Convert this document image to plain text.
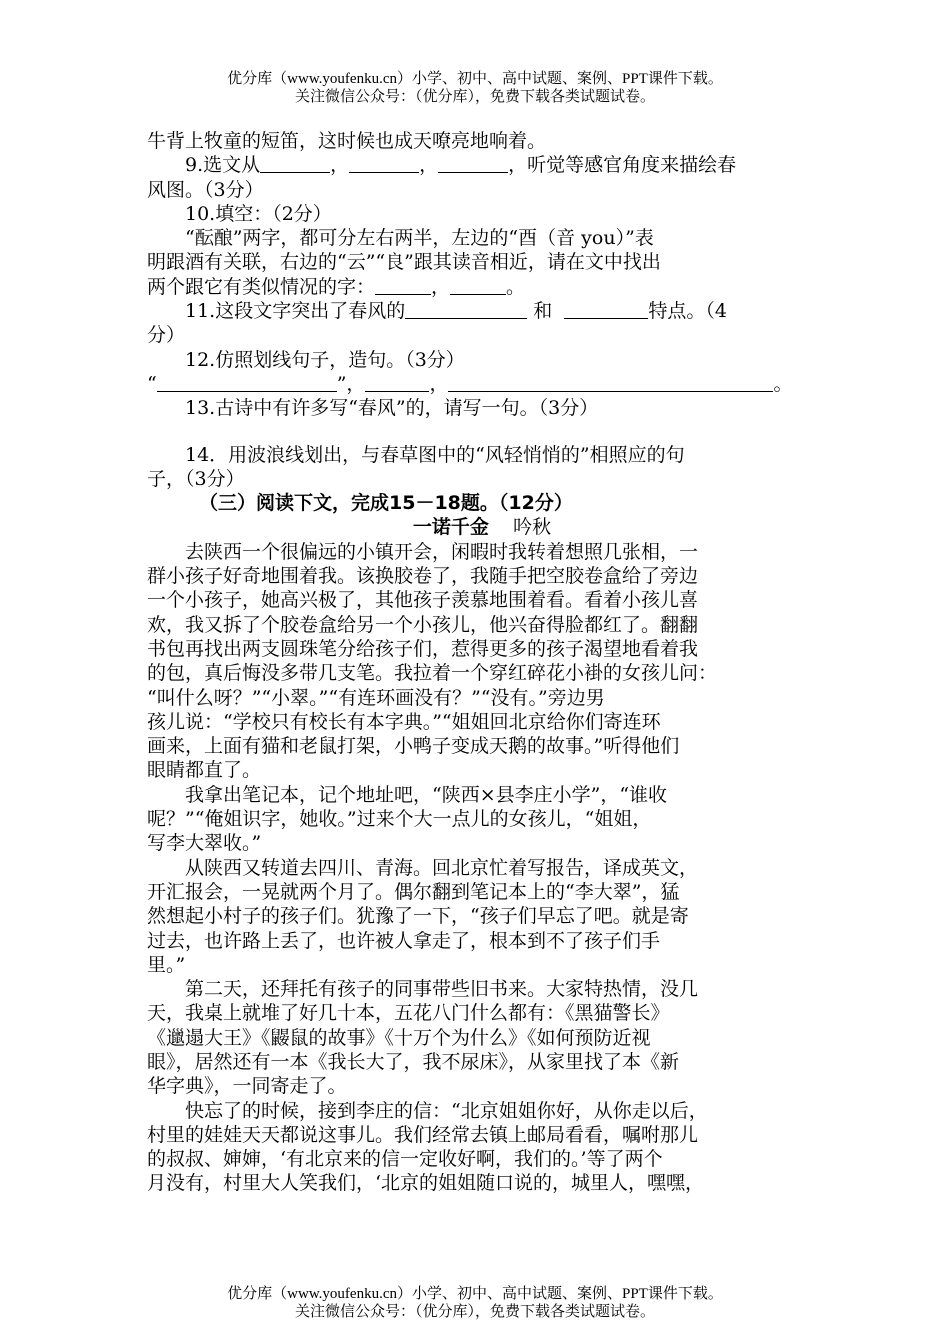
优分库（www.youfenku.cn）小学、初中、高中试题、案例、PPT课件下载。
关注微信公众号：（优分库），免费下载各类试题试卷。
牛背上牧童的短笛，这时候也成天嘹亮地响着。
9.选文从	，	，	，听觉等感官角度来描绘春
风图。（3分）
10.填空：（2分）
“酝酿”两字，都可分左右两半，左边的“酉（音 you）”表
明跟酒有关联，右边的“云”“良”跟其读音相近，请在文中找出
两个跟它有类似情况的字：	，	。
11.这段文字突出了春风的	和	特点。（4
分）
12.仿照划线句子，造句。（3分）
“	”，	，	。
13.古诗中有许多写“春风”的，请写一句。（3分）
14．用波浪线划出，与春草图中的“风轻悄悄的”相照应的句
子，（3分）
（三）阅读下文，完成15－18题。（12分）
一诺千金 吟秋
去陕西一个很偏远的小镇开会，闲暇时我转着想照几张相，一
群小孩子好奇地围着我。该换胶卷了，我随手把空胶卷盒给了旁边
一个小孩子，她高兴极了，其他孩子羡慕地围着看。看着小孩儿喜
欢，我又拆了个胶卷盒给另一个小孩儿，他兴奋得脸都红了。翻翻
书包再找出两支圆珠笔分给孩子们，惹得更多的孩子渴望地看着我
的包，真后悔没多带几支笔。我拉着一个穿红碎花小褂的女孩儿问：
“叫什么呀？”“小翠。”“有连环画没有？”“没有。”旁边男
孩儿说：“学校只有校长有本字典。”“姐姐回北京给你们寄连环
画来，上面有猫和老鼠打架，小鸭子变成天鹅的故事。”听得他们
眼睛都直了。
我拿出笔记本，记个地址吧，“陕西×县李庄小学”，“谁收
呢？”“俺姐识字，她收。”过来个大一点儿的女孩儿，“姐姐，
写李大翠收。”
从陕西又转道去四川、青海。回北京忙着写报告，译成英文，
开汇报会，一晃就两个月了。偶尔翻到笔记本上的“李大翠”，猛
然想起小村子的孩子们。犹豫了一下，“孩子们早忘了吧。就是寄
过去，也许路上丢了，也许被人拿走了，根本到不了孩子们手
里。”
第二天，还拜托有孩子的同事带些旧书来。大家特热情，没几
天，我桌上就堆了好几十本，五花八门什么都有：《黑猫警长》
《邋遢大王》《鼹鼠的故事》《十万个为什么》《如何预防近视
眼》，居然还有一本《我长大了，我不尿床》，从家里找了本《新
华字典》，一同寄走了。
快忘了的时候，接到李庄的信：“北京姐姐你好，从你走以后，
村里的娃娃天天都说这事儿。我们经常去镇上邮局看看，嘱咐那儿
的叔叔、婶婶，‘有北京来的信一定收好啊，我们的。’等了两个
月没有，村里大人笑我们，‘北京的姐姐随口说的，城里人，嘿嘿，
优分库（www.youfenku.cn）小学、初中、高中试题、案例、PPT课件下载。
关注微信公众号：（优分库），免费下载各类试题试卷。
